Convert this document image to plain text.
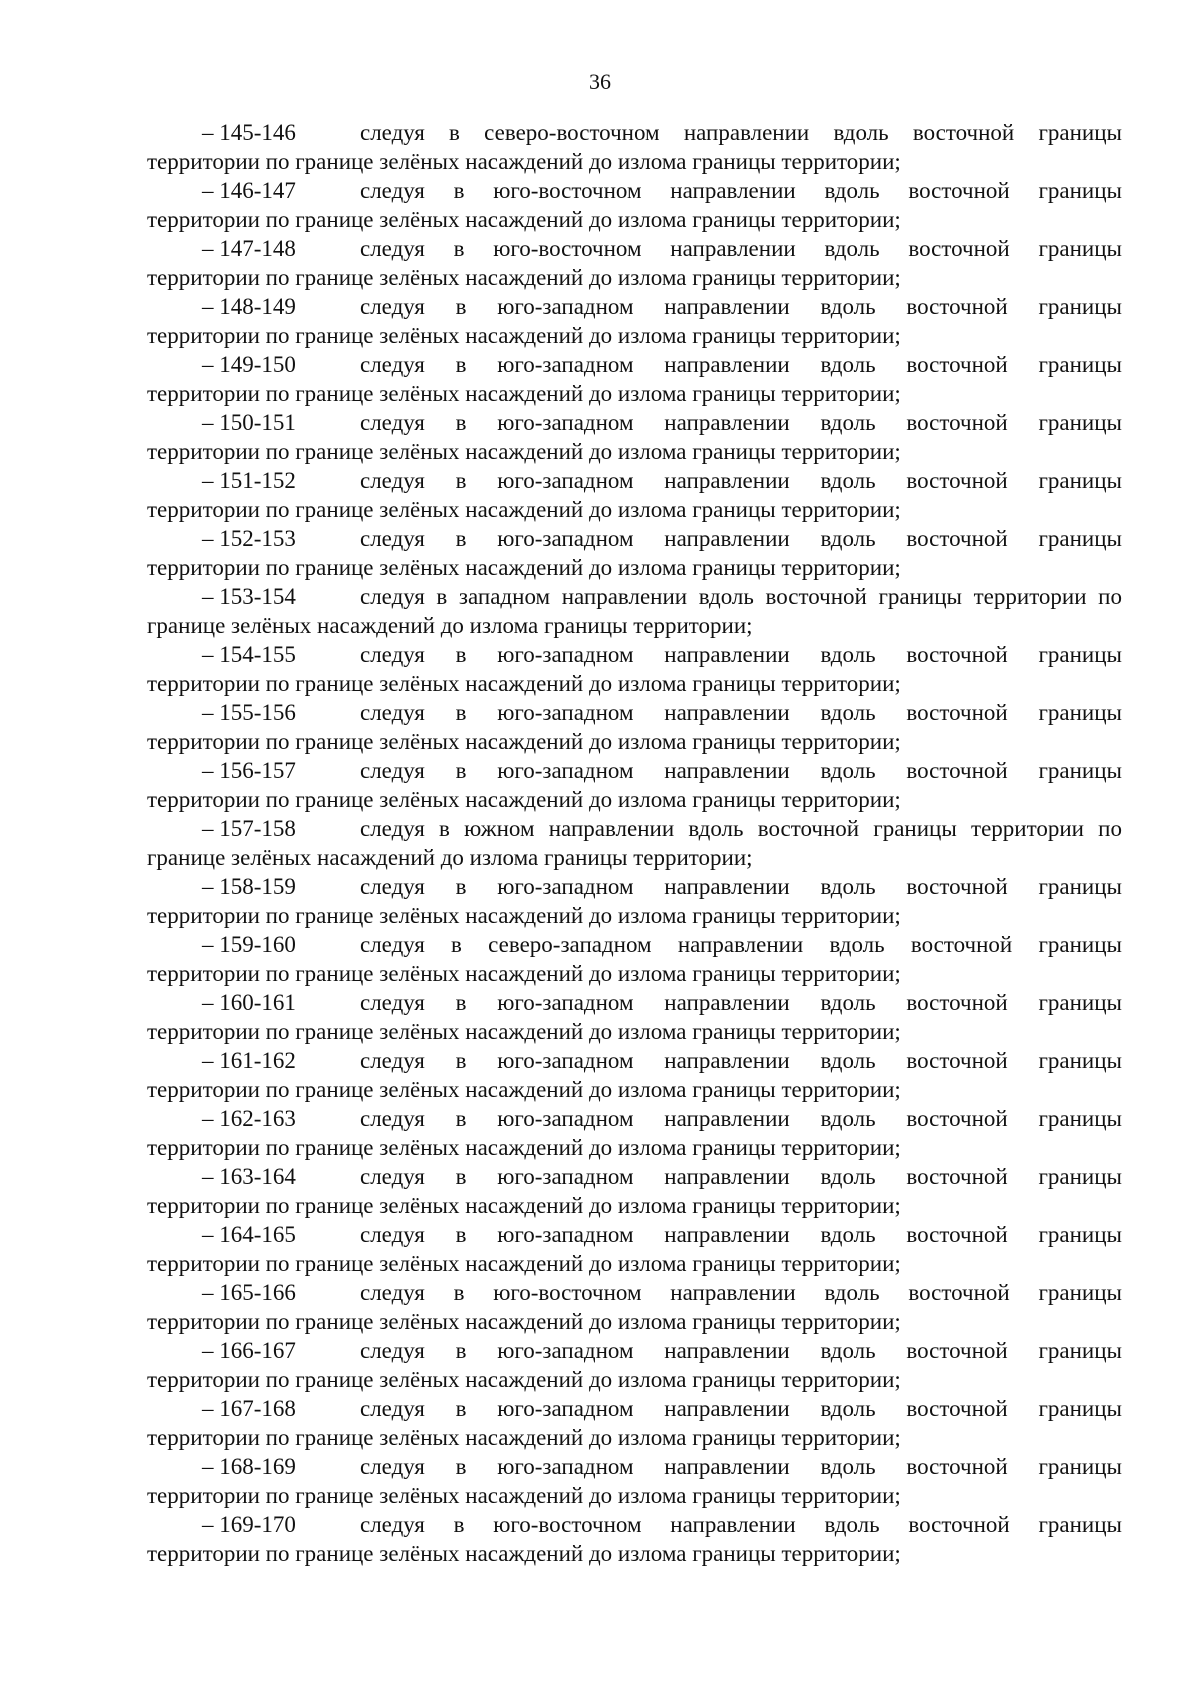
36
– 145-146	следуя в северо-восточном направлении вдоль восточной границы
территории по границе зелёных насаждений до излома границы территории;
– 146-147	следуя в юго-восточном направлении вдоль восточной границы
территории по границе зелёных насаждений до излома границы территории;
– 147-148	следуя в юго-восточном направлении вдоль восточной границы
территории по границе зелёных насаждений до излома границы территории;
– 148-149	следуя в юго-западном направлении вдоль восточной границы
территории по границе зелёных насаждений до излома границы территории;
– 149-150	следуя в юго-западном направлении вдоль восточной границы
территории по границе зелёных насаждений до излома границы территории;
– 150-151	следуя в юго-западном направлении вдоль восточной границы
территории по границе зелёных насаждений до излома границы территории;
– 151-152	следуя в юго-западном направлении вдоль восточной границы
территории по границе зелёных насаждений до излома границы территории;
– 152-153	следуя в юго-западном направлении вдоль восточной границы
территории по границе зелёных насаждений до излома границы территории;
– 153-154	следуя в западном направлении вдоль восточной границы территории по
границе зелёных насаждений до излома границы территории;
– 154-155	следуя в юго-западном направлении вдоль восточной границы
территории по границе зелёных насаждений до излома границы территории;
– 155-156	следуя в юго-западном направлении вдоль восточной границы
территории по границе зелёных насаждений до излома границы территории;
– 156-157	следуя в юго-западном направлении вдоль восточной границы
территории по границе зелёных насаждений до излома границы территории;
– 157-158	следуя в южном направлении вдоль восточной границы территории по
границе зелёных насаждений до излома границы территории;
– 158-159	следуя в юго-западном направлении вдоль восточной границы
территории по границе зелёных насаждений до излома границы территории;
– 159-160	следуя в северо-западном направлении вдоль восточной границы
территории по границе зелёных насаждений до излома границы территории;
– 160-161	следуя в юго-западном направлении вдоль восточной границы
территории по границе зелёных насаждений до излома границы территории;
– 161-162	следуя в юго-западном направлении вдоль восточной границы
территории по границе зелёных насаждений до излома границы территории;
– 162-163	следуя в юго-западном направлении вдоль восточной границы
территории по границе зелёных насаждений до излома границы территории;
– 163-164	следуя в юго-западном направлении вдоль восточной границы
территории по границе зелёных насаждений до излома границы территории;
– 164-165	следуя в юго-западном направлении вдоль восточной границы
территории по границе зелёных насаждений до излома границы территории;
– 165-166	следуя в юго-восточном направлении вдоль восточной границы
территории по границе зелёных насаждений до излома границы территории;
– 166-167	следуя в юго-западном направлении вдоль восточной границы
территории по границе зелёных насаждений до излома границы территории;
– 167-168	следуя в юго-западном направлении вдоль восточной границы
территории по границе зелёных насаждений до излома границы территории;
– 168-169	следуя в юго-западном направлении вдоль восточной границы
территории по границе зелёных насаждений до излома границы территории;
– 169-170	следуя в юго-восточном направлении вдоль восточной границы
территории по границе зелёных насаждений до излома границы территории;
